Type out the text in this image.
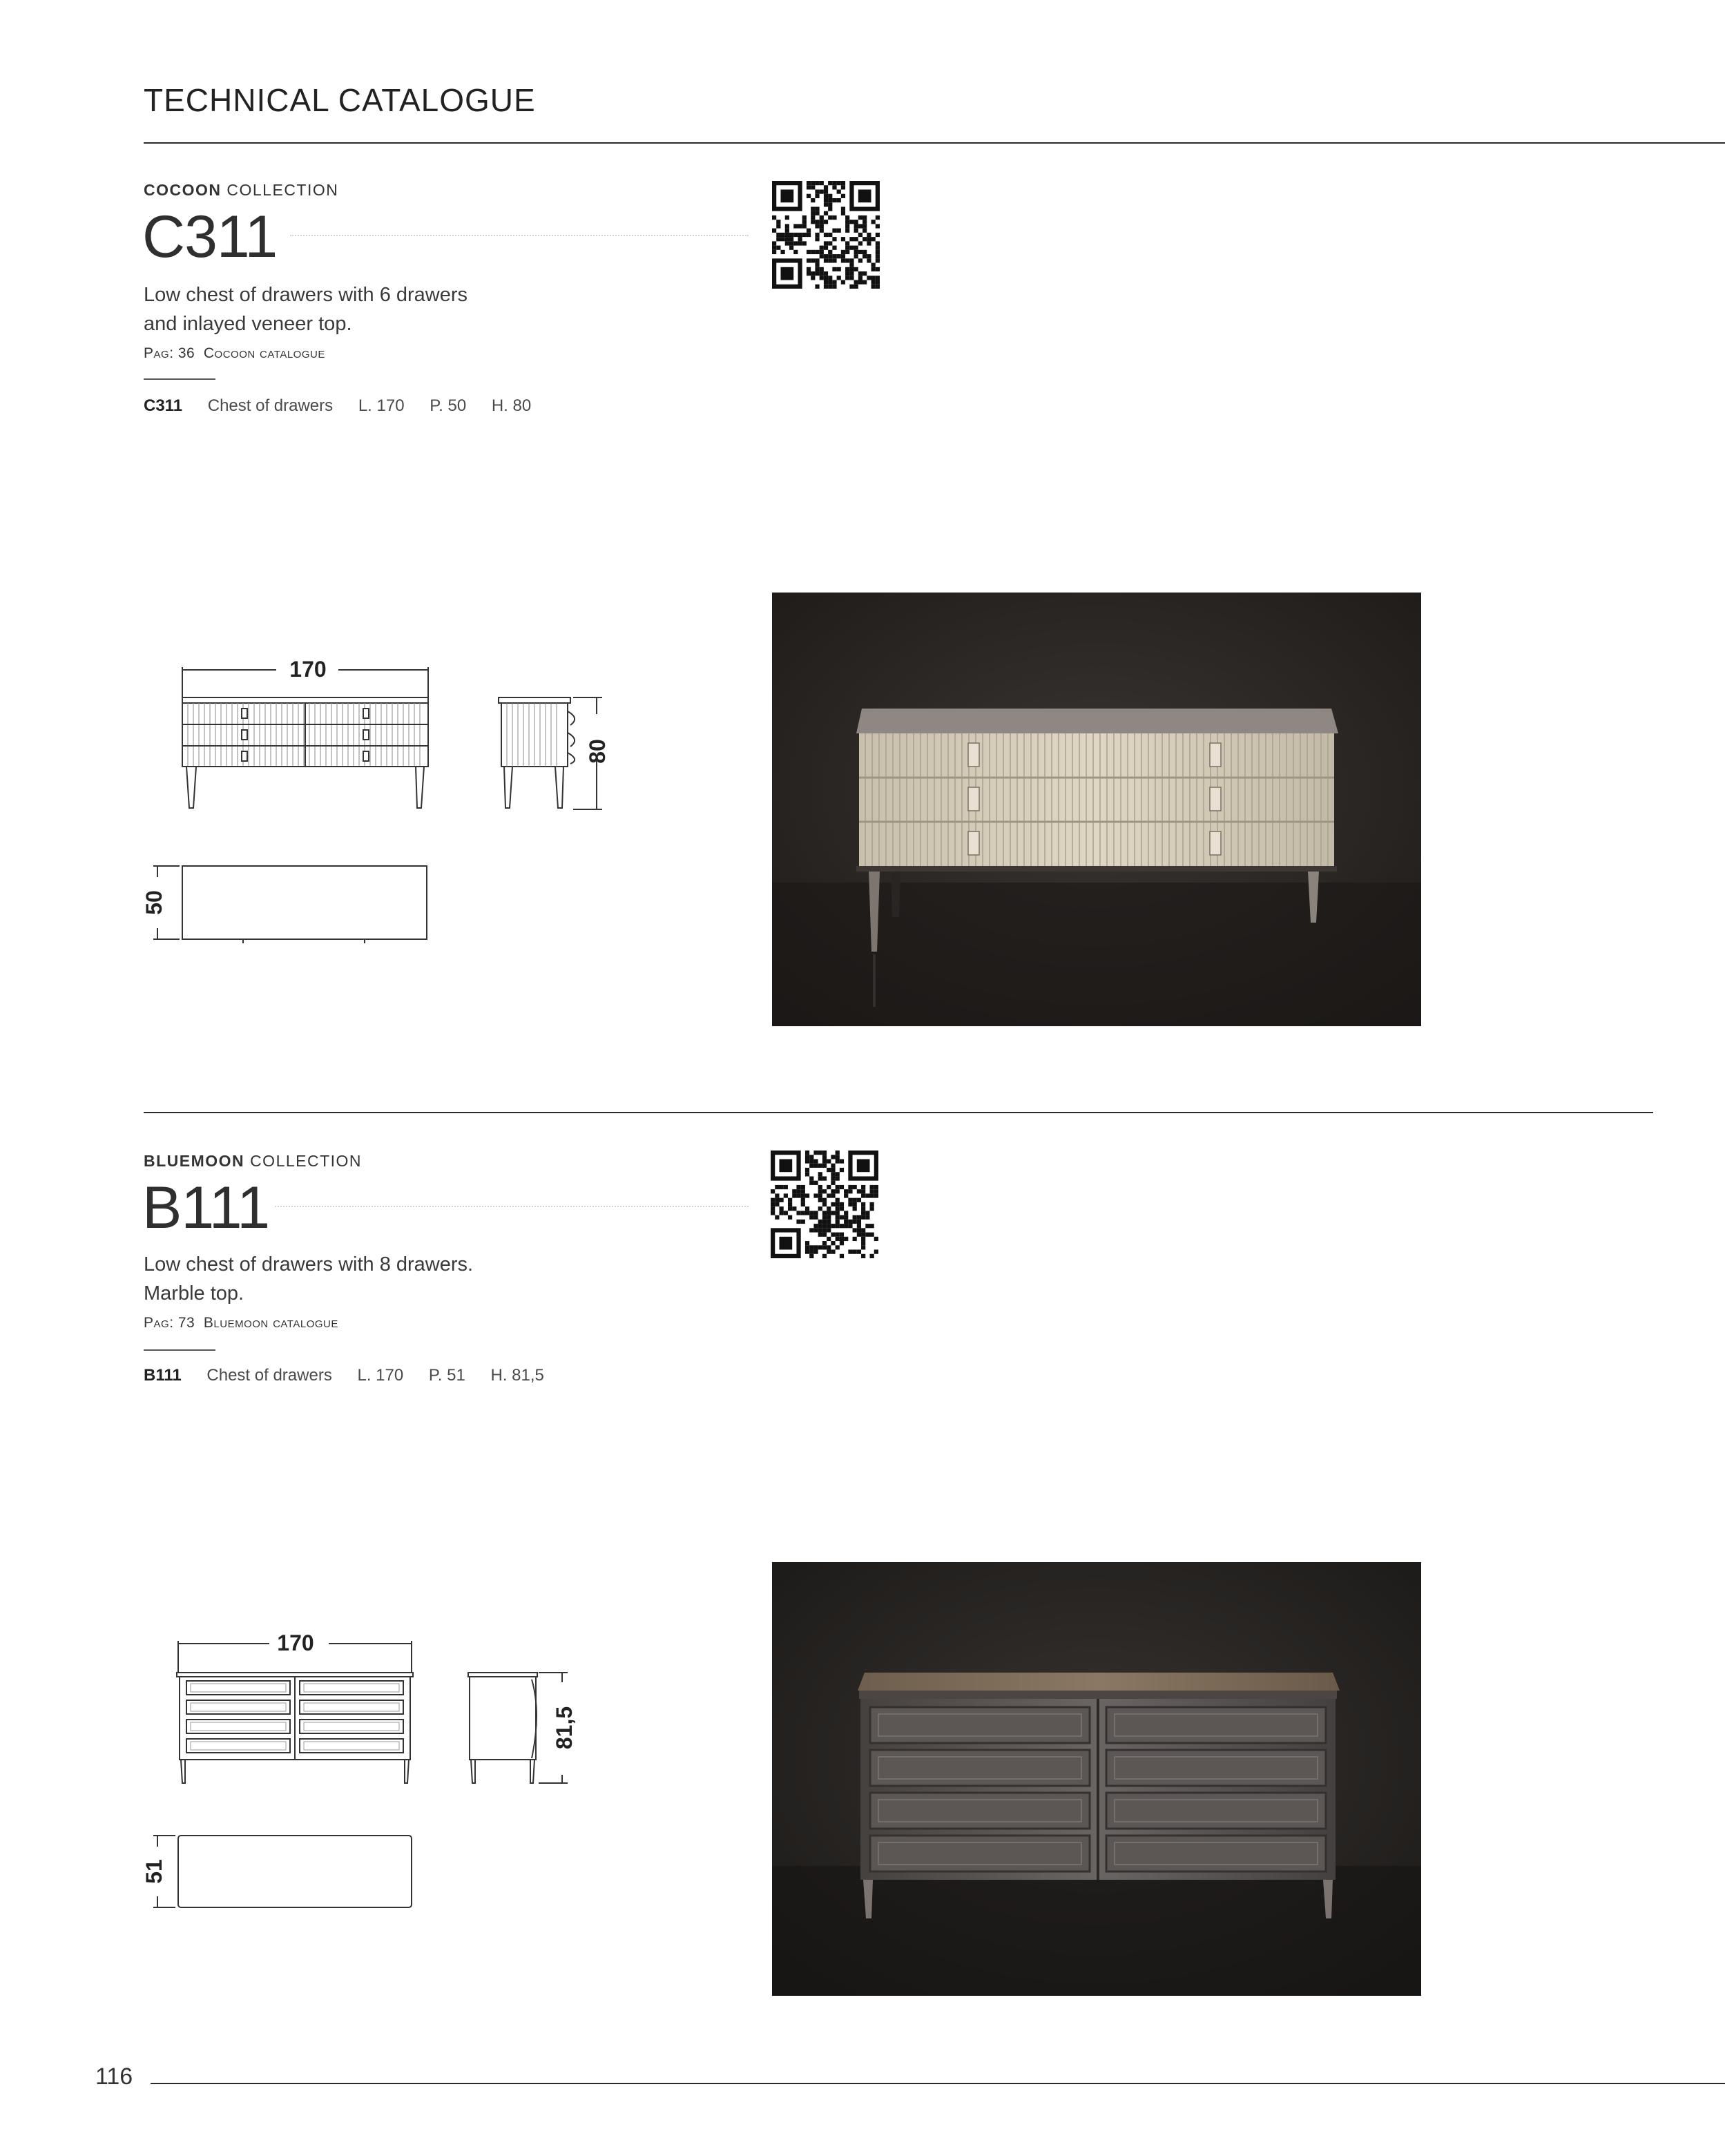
TECHNICAL CATALOGUE
COCOON COLLECTION
C311
Low chest of drawers with 6 drawers
and inlayed veneer top.
Pag: 36 Cocoon catalogue
C311 Chest of drawers L. 170 P. 50 H. 80
170
80
50
BLUEMOON COLLECTION
B111
Low chest of drawers with 8 drawers.
Marble top.
Pag: 73 Bluemoon catalogue
B111 Chest of drawers L. 170 P. 51 H. 81,5
170
81,5
51
116
